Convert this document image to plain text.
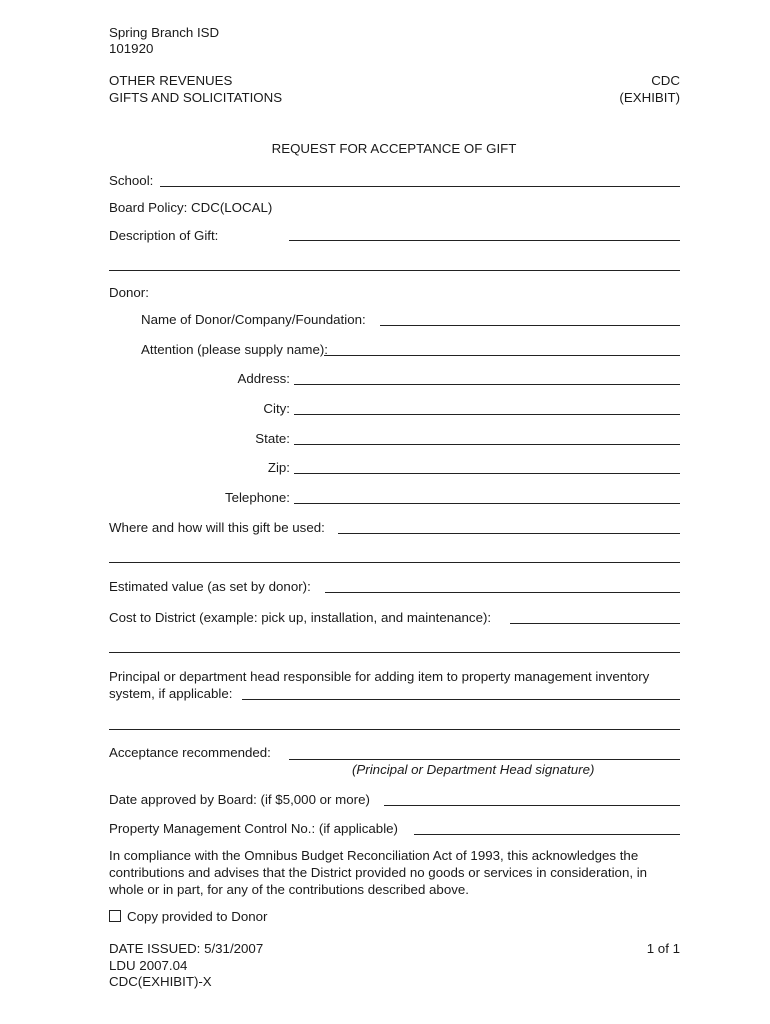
Spring Branch ISD
101920
OTHER REVENUES
GIFTS AND SOLICITATIONS
CDC
(EXHIBIT)
REQUEST FOR ACCEPTANCE OF GIFT
School:
Board Policy: CDC(LOCAL)
Description of Gift:
Donor:
Name of Donor/Company/Foundation:
Attention (please supply name):
Address:
City:
State:
Zip:
Telephone:
Where and how will this gift be used:
Estimated value (as set by donor):
Cost to District (example: pick up, installation, and maintenance):
Principal or department head responsible for adding item to property management inventory
system, if applicable:
Acceptance recommended:
(Principal or Department Head signature)
Date approved by Board: (if $5,000 or more)
Property Management Control No.: (if applicable)
In compliance with the Omnibus Budget Reconciliation Act of 1993, this acknowledges the contributions and advises that the District provided no goods or services in consideration, in whole or in part, for any of the contributions described above.
Copy provided to Donor
DATE ISSUED: 5/31/2007
LDU 2007.04
CDC(EXHIBIT)-X
1 of 1
